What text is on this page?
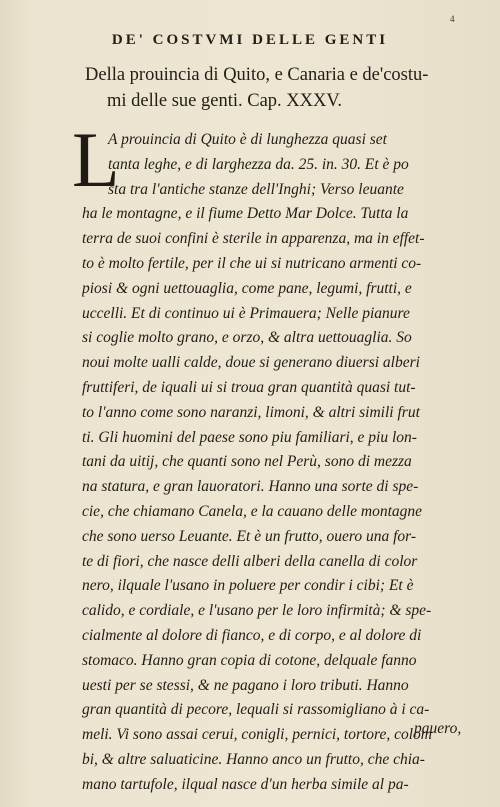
4
DE' COSTVMI DELLE GENTI
Della prouincia di Quito, e Canaria e de'costu-
mi delle sue genti. Cap. XXXV.
L
A prouincia di Quito è di lunghezza quasi set
tanta leghe, e di larghezza da. 25. in. 30. Et è po
sta tra l'antiche stanze dell'Inghi; Verso leuante
ha le montagne, e il fiume Detto Mar Dolce. Tutta la
terra de suoi confini è sterile in apparenza, ma in effet-
to è molto fertile, per il che ui si nutricano armenti co-
piosi & ogni uettouaglia, come pane, legumi, frutti, e
uccelli. Et di continuo ui è Primauera; Nelle pianure
si coglie molto grano, e orzo, & altra uettouaglia. So
noui molte ualli calde, doue si generano diuersi alberi
fruttiferi, de iquali ui si troua gran quantità quasi tut-
to l'anno come sono naranzi, limoni, & altri simili frut
ti. Gli huomini del paese sono piu familiari, e piu lon-
tani da uitij, che quanti sono nel Perù, sono di mezza
na statura, e gran lauoratori. Hanno una sorte di spe-
cie, che chiamano Canela, e la cauano delle montagne
che sono uerso Leuante. Et è un frutto, ouero una for-
te di fiori, che nasce delli alberi della canella di color
nero, ilquale l'usano in poluere per condir i cibi; Et è
calido, e cordiale, e l'usano per le loro infirmità; & spe-
cialmente al dolore di fianco, e di corpo, e al dolore di
stomaco. Hanno gran copia di cotone, delquale fanno
uesti per se stessi, & ne pagano i loro tributi. Hanno
gran quantità di pecore, lequali si rassomigliano à i ca-
meli. Vi sono assai cerui, conigli, pernici, tortore, colom
bi, & altre saluaticine. Hanno anco un frutto, che chia-
mano tartufole, ilqual nasce d'un herba simile al pa-
pauero,
